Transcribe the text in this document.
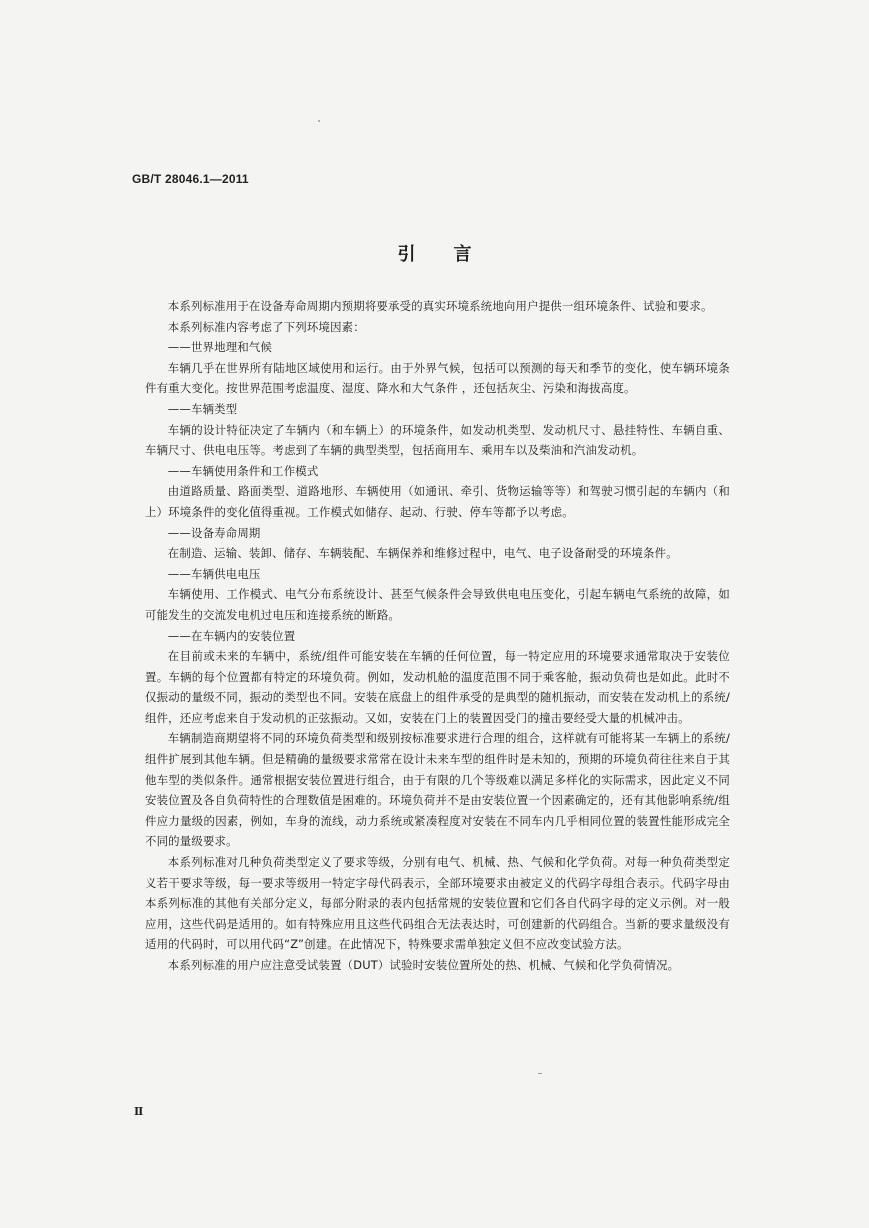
GB/T 28046.1—2011
引言

本系列标准用于在设备寿命周期内预期将要承受的真实环境系统地向用户提供一组环境条件、试验和要求。

本系列标准内容考虑了下列环境因素：

——世界地理和气候

车辆几乎在世界所有陆地区域使用和运行。由于外界气候，包括可以预测的每天和季节的变化，使车辆环境条件有重大变化。按世界范围考虑温度、湿度、降水和大气条件 ，还包括灰尘、污染和海拔高度。

——车辆类型

车辆的设计特征决定了车辆内（和车辆上）的环境条件，如发动机类型、发动机尺寸、悬挂特性、车辆自重、车辆尺寸、供电电压等。考虑到了车辆的典型类型，包括商用车、乘用车以及柴油和汽油发动机。

——车辆使用条件和工作模式

由道路质量、路面类型、道路地形、车辆使用（如通讯、牵引、货物运输等等）和驾驶习惯引起的车辆内（和上）环境条件的变化值得重视。工作模式如储存、起动、行驶、停车等都予以考虑。

——设备寿命周期

在制造、运输、装卸、储存、车辆装配、车辆保养和维修过程中，电气、电子设备耐受的环境条件。

——车辆供电电压

车辆使用、工作模式、电气分布系统设计、甚至气候条件会导致供电电压变化，引起车辆电气系统的故障，如可能发生的交流发电机过电压和连接系统的断路。

——在车辆内的安装位置

在目前或未来的车辆中，系统/组件可能安装在车辆的任何位置，每一特定应用的环境要求通常取决于安装位置。车辆的每个位置都有特定的环境负荷。例如，发动机舱的温度范围不同于乘客舱，振动负荷也是如此。此时不仅振动的量级不同，振动的类型也不同。安装在底盘上的组件承受的是典型的随机振动，而安装在发动机上的系统/组件，还应考虑来自于发动机的正弦振动。又如，安装在门上的装置因受门的撞击要经受大量的机械冲击。

车辆制造商期望将不同的环境负荷类型和级别按标准要求进行合理的组合，这样就有可能将某一车辆上的系统/组件扩展到其他车辆。但是精确的量级要求常常在设计未来车型的组件时是未知的，预期的环境负荷往往来自于其他车型的类似条件。通常根据安装位置进行组合，由于有限的几个等级难以满足多样化的实际需求，因此定义不同安装位置及各自负荷特性的合理数值是困难的。环境负荷并不是由安装位置一个因素确定的，还有其他影响系统/组件应力量级的因素，例如，车身的流线，动力系统或紧凑程度对安装在不同车内几乎相同位置的装置性能形成完全不同的量级要求。

本系列标准对几种负荷类型定义了要求等级，分别有电气、机械、热、气候和化学负荷。对每一种负荷类型定义若干要求等级，每一要求等级用一特定字母代码表示，全部环境要求由被定义的代码字母组合表示。代码字母由本系列标准的其他有关部分定义，每部分附录的表内包括常规的安装位置和它们各自代码字母的定义示例。对一般应用，这些代码是适用的。如有特殊应用且这些代码组合无法表达时，可创建新的代码组合。当新的要求量级没有适用的代码时，可以用代码“Z”创建。在此情况下，特殊要求需单独定义但不应改变试验方法。

本系列标准的用户应注意受试装置（DUT）试验时安装位置所处的热、机械、气候和化学负荷情况。

Ⅱ
